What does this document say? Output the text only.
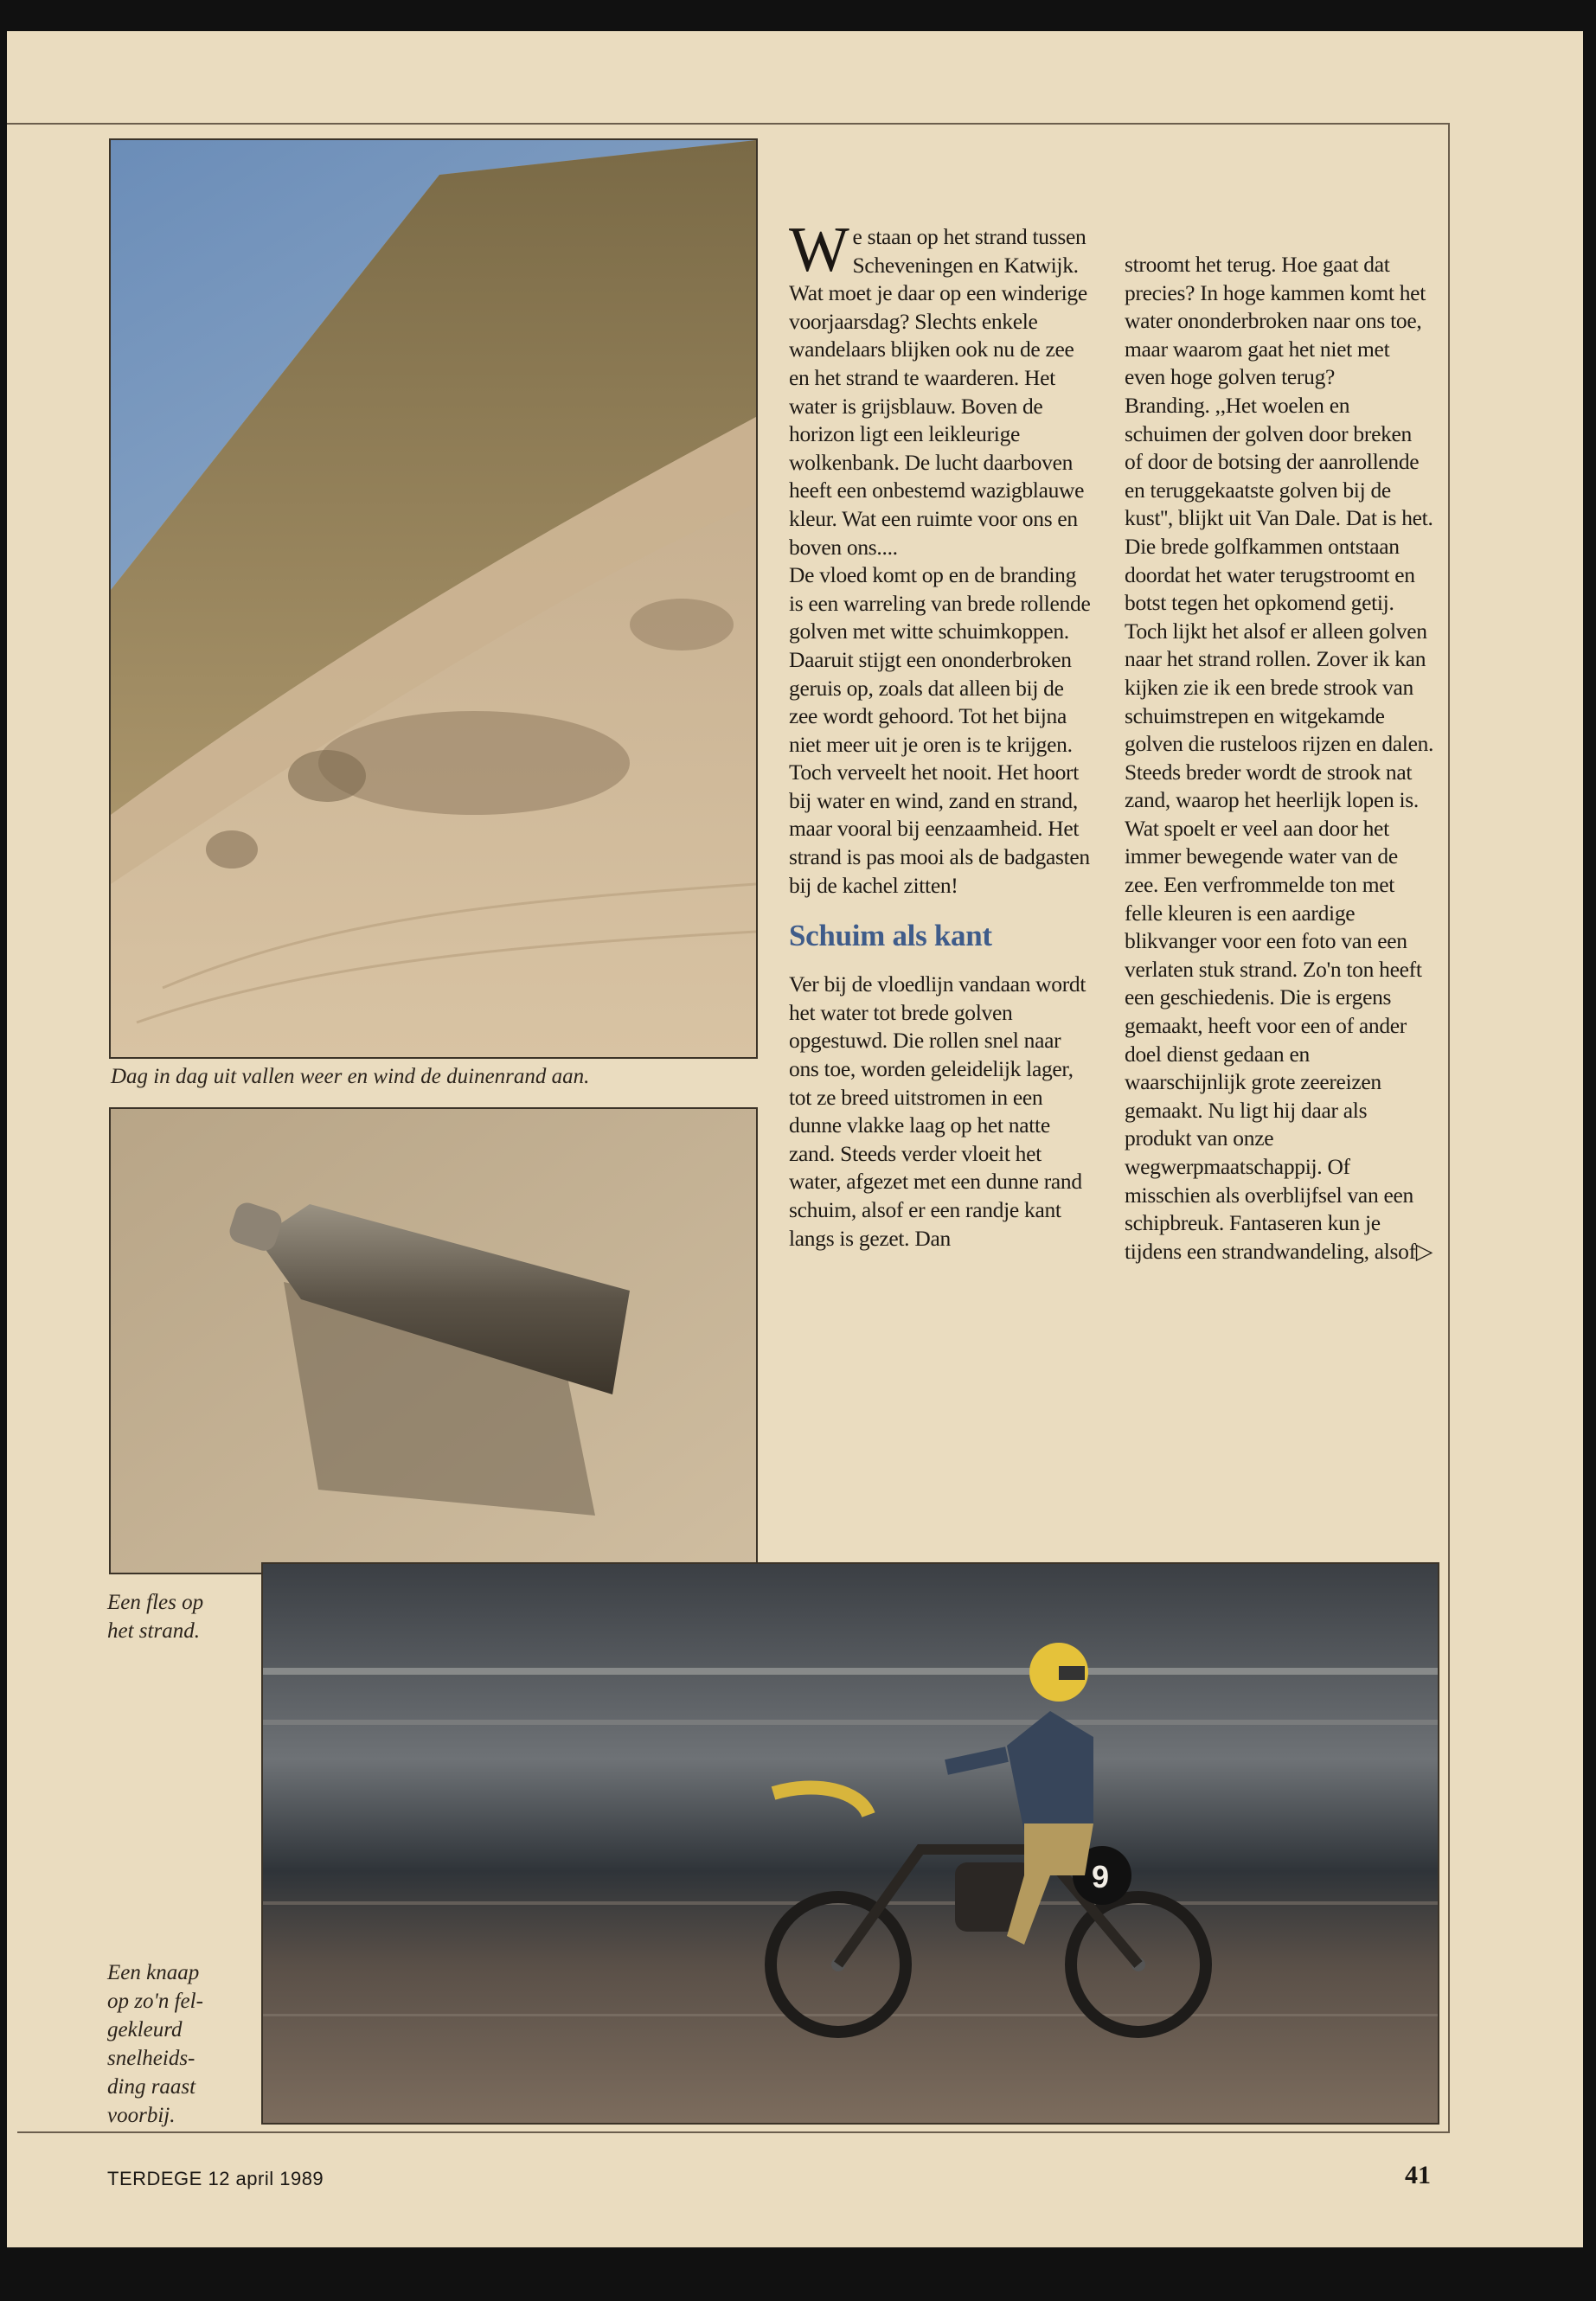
Dag in dag uit vallen weer en wind de duinenrand aan.

Een fles op
het strand.

9

Een knaap
op zo'n fel-
gekleurd
snelheids-
ding raast
voorbij.

We staan op het strand tussen Scheveningen en Katwijk. Wat moet je daar op een winderige voorjaarsdag? Slechts enkele wandelaars blijken ook nu de zee en het strand te waarderen. Het water is grijsblauw. Boven de horizon ligt een leikleurige wolkenbank. De lucht daarboven heeft een onbestemd wazigblauwe kleur. Wat een ruimte voor ons en boven ons....

De vloed komt op en de branding is een warreling van brede rollende golven met witte schuimkoppen. Daaruit stijgt een ononderbroken geruis op, zoals dat alleen bij de zee wordt gehoord. Tot het bijna niet meer uit je oren is te krijgen. Toch verveelt het nooit. Het hoort bij water en wind, zand en strand, maar vooral bij eenzaamheid. Het strand is pas mooi als de badgasten bij de kachel zitten!

Schuim als kant

Ver bij de vloedlijn vandaan wordt het water tot brede golven opgestuwd. Die rollen snel naar ons toe, worden geleidelijk lager, tot ze breed uitstromen in een dunne vlakke laag op het natte zand. Steeds verder vloeit het water, afgezet met een dunne rand schuim, alsof er een randje kant langs is gezet. Dan

stroomt het terug. Hoe gaat dat precies? In hoge kammen komt het water ononderbroken naar ons toe, maar waarom gaat het niet met even hoge golven terug?

Branding. ,,Het woelen en schuimen der golven door breken of door de botsing der aanrollende en teruggekaatste golven bij de kust'', blijkt uit Van Dale. Dat is het. Die brede golfkammen ontstaan doordat het water terugstroomt en botst tegen het opkomend getij. Toch lijkt het alsof er alleen golven naar het strand rollen. Zover ik kan kijken zie ik een brede strook van schuimstrepen en witgekamde golven die rusteloos rijzen en dalen. Steeds breder wordt de strook nat zand, waarop het heerlijk lopen is.

Wat spoelt er veel aan door het immer bewegende water van de zee. Een verfrommelde ton met felle kleuren is een aardige blikvanger voor een foto van een verlaten stuk strand. Zo'n ton heeft een geschiedenis. Die is ergens gemaakt, heeft voor een of ander doel dienst gedaan en waarschijnlijk grote zeereizen gemaakt. Nu ligt hij daar als produkt van onze wegwerpmaatschappij. Of misschien als overblijfsel van een schipbreuk. Fantaseren kun je tijdens een strandwandeling, alsof▷

TERDEGE 12 april 1989	41
